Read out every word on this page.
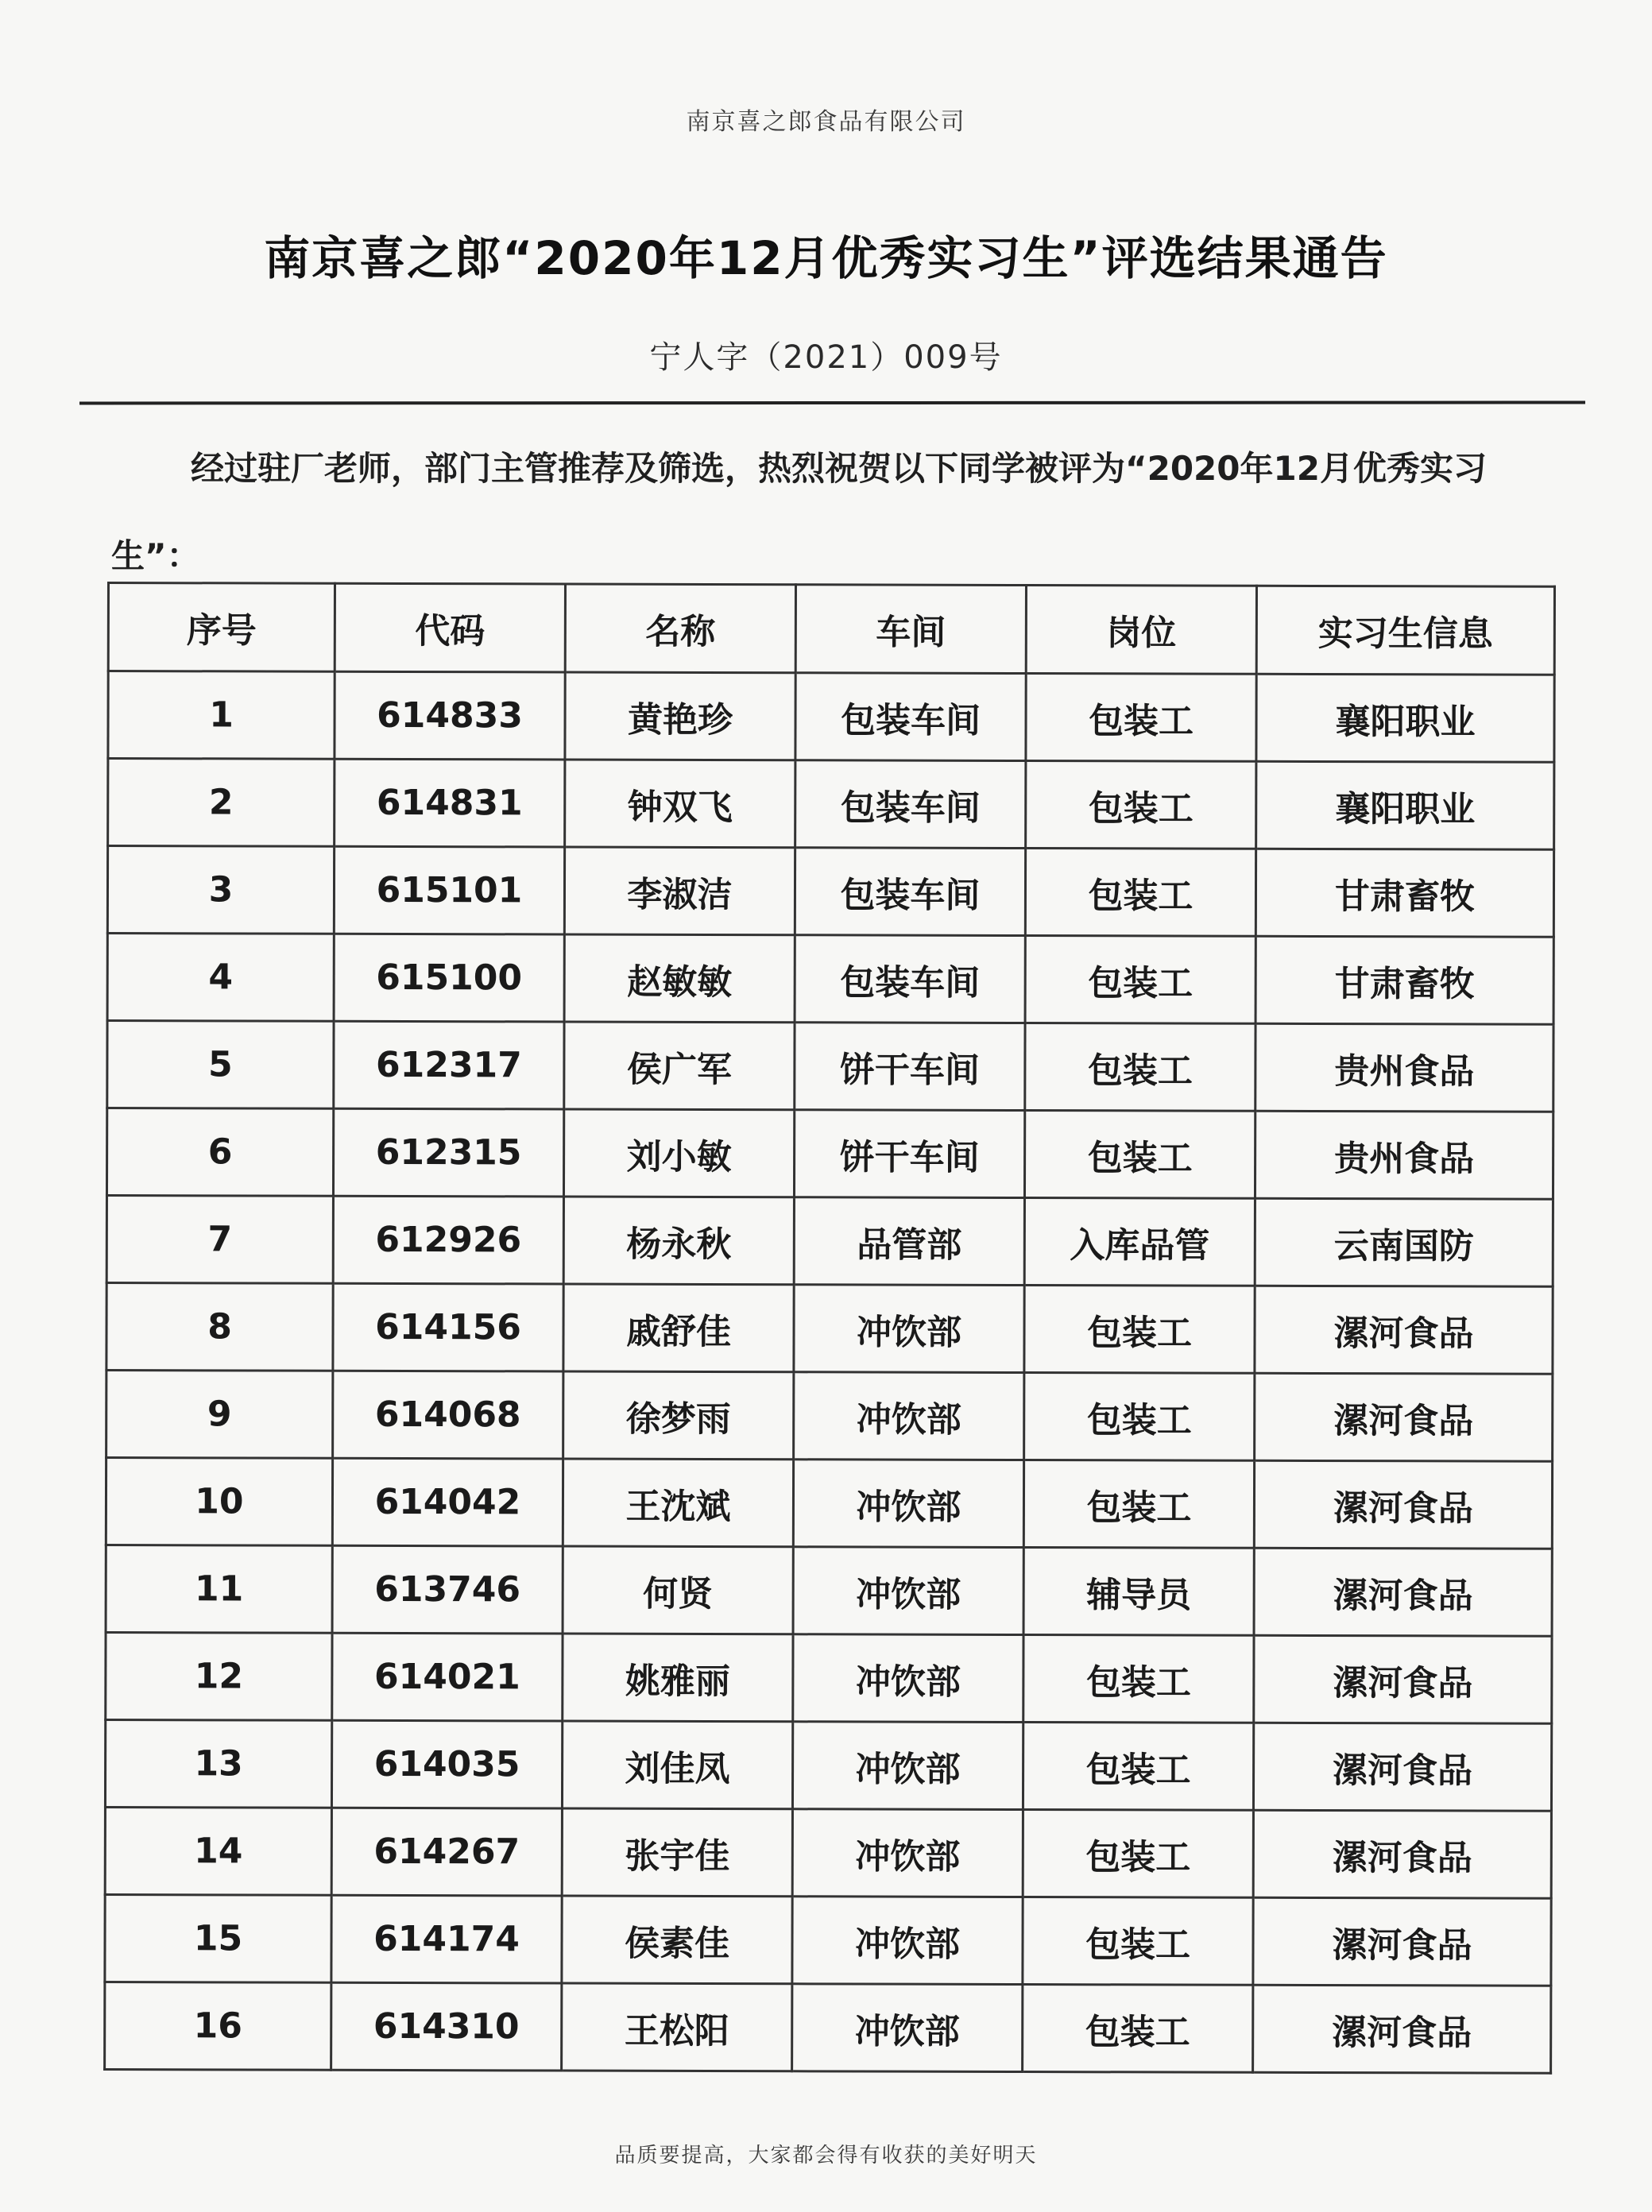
南京喜之郎食品有限公司
南京喜之郎“2020年12月优秀实习生”评选结果通告
宁人字（2021）009号
经过驻厂老师，部门主管推荐及筛选，热烈祝贺以下同学被评为“2020年12月优秀实习生”：
序号	代码	名称	车间	岗位	实习生信息
1	614833	黄艳珍	包装车间	包装工	襄阳职业
2	614831	钟双飞	包装车间	包装工	襄阳职业
3	615101	李淑洁	包装车间	包装工	甘肃畜牧
4	615100	赵敏敏	包装车间	包装工	甘肃畜牧
5	612317	侯广军	饼干车间	包装工	贵州食品
6	612315	刘小敏	饼干车间	包装工	贵州食品
7	612926	杨永秋	品管部	入库品管	云南国防
8	614156	戚舒佳	冲饮部	包装工	漯河食品
9	614068	徐梦雨	冲饮部	包装工	漯河食品
10	614042	王沈斌	冲饮部	包装工	漯河食品
11	613746	何贤	冲饮部	辅导员	漯河食品
12	614021	姚雅丽	冲饮部	包装工	漯河食品
13	614035	刘佳凤	冲饮部	包装工	漯河食品
14	614267	张宇佳	冲饮部	包装工	漯河食品
15	614174	侯素佳	冲饮部	包装工	漯河食品
16	614310	王松阳	冲饮部	包装工	漯河食品
品质要提高，大家都会得有收获的美好明天
